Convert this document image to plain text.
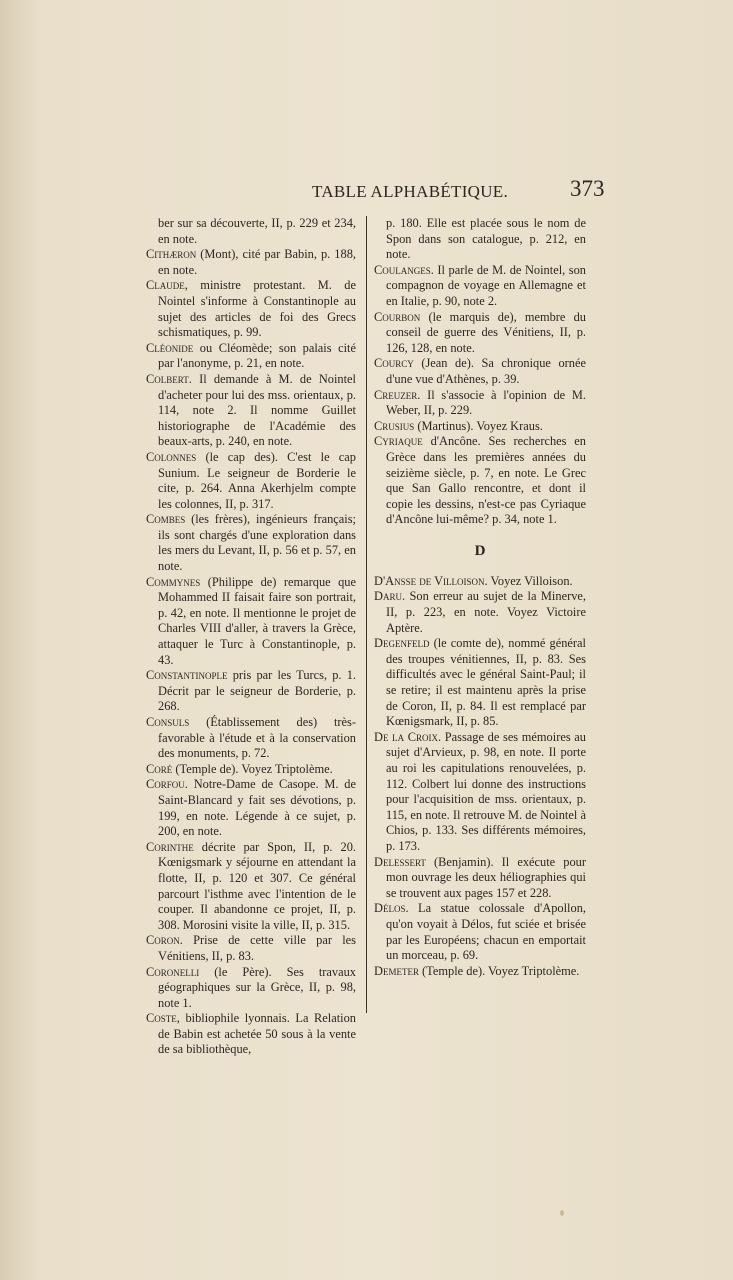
TABLE ALPHABÉTIQUE.	373

ber sur sa découverte, II, p. 229 et 234, en note.

Cithæron (Mont), cité par Babin, p. 188, en note.

Claude, ministre protestant. M. de Nointel s'informe à Constantinople au sujet des articles de foi des Grecs schismatiques, p. 99.

Cléonide ou Cléomède; son palais cité par l'anonyme, p. 21, en note.

Colbert. Il demande à M. de Nointel d'acheter pour lui des mss. orientaux, p. 114, note 2. Il nomme Guillet historiographe de l'Académie des beaux-arts, p. 240, en note.

Colonnes (le cap des). C'est le cap Sunium. Le seigneur de Borderie le cite, p. 264. Anna Akerhjelm compte les colonnes, II, p. 317.

Combes (les frères), ingénieurs français; ils sont chargés d'une exploration dans les mers du Levant, II, p. 56 et p. 57, en note.

Commynes (Philippe de) remarque que Mohammed II faisait faire son portrait, p. 42, en note. Il mentionne le projet de Charles VIII d'aller, à travers la Grèce, attaquer le Turc à Constantinople, p. 43.

Constantinople pris par les Turcs, p. 1. Décrit par le seigneur de Borderie, p. 268.

Consuls (Établissement des) très-favorable à l'étude et à la conservation des monuments, p. 72.

Coré (Temple de). Voyez Triptolème.

Corfou. Notre-Dame de Casope. M. de Saint-Blancard y fait ses dévotions, p. 199, en note. Légende à ce sujet, p. 200, en note.

Corinthe décrite par Spon, II, p. 20. Kœnigsmark y séjourne en attendant la flotte, II, p. 120 et 307. Ce général parcourt l'isthme avec l'intention de le couper. Il abandonne ce projet, II, p. 308. Morosini visite la ville, II, p. 315.

Coron. Prise de cette ville par les Vénitiens, II, p. 83.

Coronelli (le Père). Ses travaux géographiques sur la Grèce, II, p. 98, note 1.

Coste, bibliophile lyonnais. La Relation de Babin est achetée 50 sous à la vente de sa bibliothèque,

p. 180. Elle est placée sous le nom de Spon dans son catalogue, p. 212, en note.

Coulanges. Il parle de M. de Nointel, son compagnon de voyage en Allemagne et en Italie, p. 90, note 2.

Courbon (le marquis de), membre du conseil de guerre des Vénitiens, II, p. 126, 128, en note.

Courcy (Jean de). Sa chronique ornée d'une vue d'Athènes, p. 39.

Creuzer. Il s'associe à l'opinion de M. Weber, II, p. 229.

Crusius (Martinus). Voyez Kraus.

Cyriaque d'Ancône. Ses recherches en Grèce dans les premières années du seizième siècle, p. 7, en note. Le Grec que San Gallo rencontre, et dont il copie les dessins, n'est-ce pas Cyriaque d'Ancône lui-même? p. 34, note 1.

D

D'Ansse de Villoison. Voyez Villoison.

Daru. Son erreur au sujet de la Minerve, II, p. 223, en note. Voyez Victoire Aptère.

Degenfeld (le comte de), nommé général des troupes vénitiennes, II, p. 83. Ses difficultés avec le général Saint-Paul; il se retire; il est maintenu après la prise de Coron, II, p. 84. Il est remplacé par Kœnigsmark, II, p. 85.

De la Croix. Passage de ses mémoires au sujet d'Arvieux, p. 98, en note. Il porte au roi les capitulations renouvelées, p. 112. Colbert lui donne des instructions pour l'acquisition de mss. orientaux, p. 115, en note. Il retrouve M. de Nointel à Chios, p. 133. Ses différents mémoires, p. 173.

Delessert (Benjamin). Il exécute pour mon ouvrage les deux héliographies qui se trouvent aux pages 157 et 228.

Délos. La statue colossale d'Apollon, qu'on voyait à Délos, fut sciée et brisée par les Européens; chacun en emportait un morceau, p. 69.

Demeter (Temple de). Voyez Triptolème.
